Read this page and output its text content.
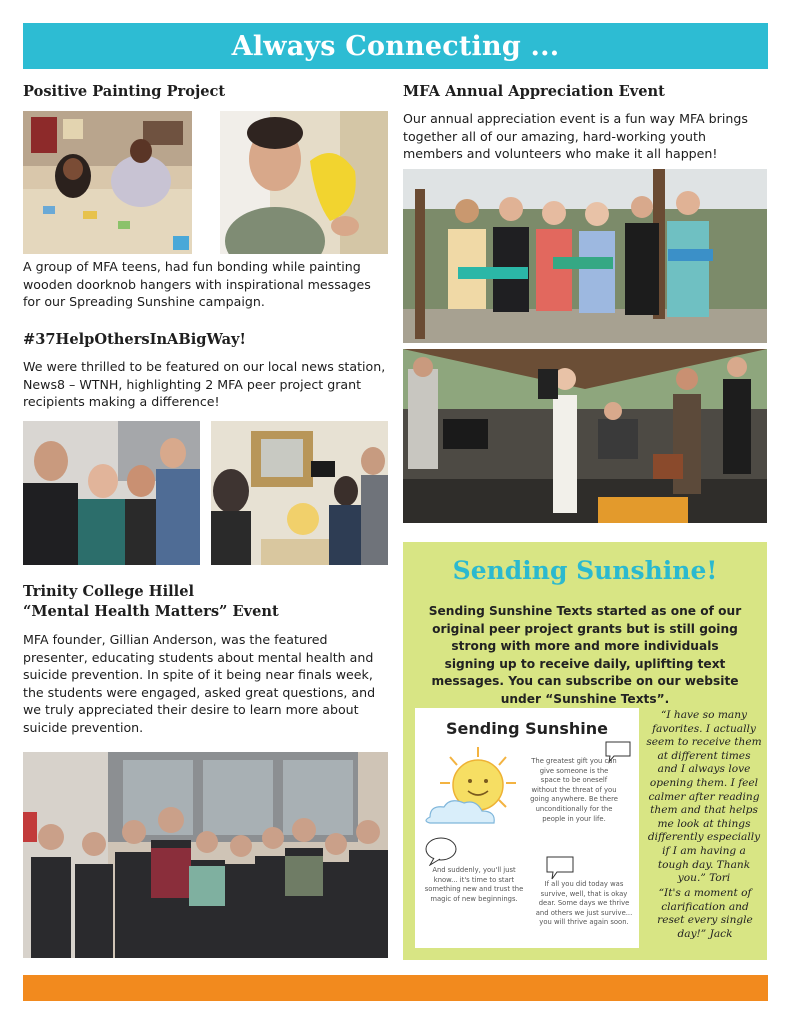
Always Connecting ...
Positive Painting Project
A group of MFA teens, had fun bonding while painting wooden doorknob hangers with inspirational messages for our Spreading Sunshine campaign.
#37HelpOthersInABigWay!
We were thrilled to be featured on our local news station, News8 – WTNH, highlighting 2 MFA peer project grant recipients making a difference!
Trinity College Hillel
“Mental Health Matters” Event
MFA founder, Gillian Anderson, was the featured presenter, educating students about mental health and suicide prevention. In spite of it being near finals week, the students were engaged, asked great questions, and we truly appreciated their desire to learn more about suicide prevention.
MFA Annual Appreciation Event
Our annual appreciation event is a fun way MFA brings together all of our amazing, hard-working youth members and volunteers who make it all happen!
Sending Sunshine!
Sending Sunshine Texts started as one of our original peer project grants but is still going strong with more and more individuals signing up to receive daily, uplifting text messages. You can subscribe on our website under “Sunshine Texts”.
Sending Sunshine
The greatest gift you can give someone is the space to be oneself without the threat of you going anywhere. Be there unconditionally for the people in your life.
And suddenly, you'll just know... it's time to start something new and trust the magic of new beginnings.
If all you did today was survive, well, that is okay dear. Some days we thrive and others we just survive... you will thrive again soon.
“I have so many favorites. I actually seem to receive them at different times and I always love opening them. I feel calmer after reading them and that helps me look at things differently especially if I am having a tough day. Thank you.” Tori
“It's a moment of clarification and reset every single day!” Jack
